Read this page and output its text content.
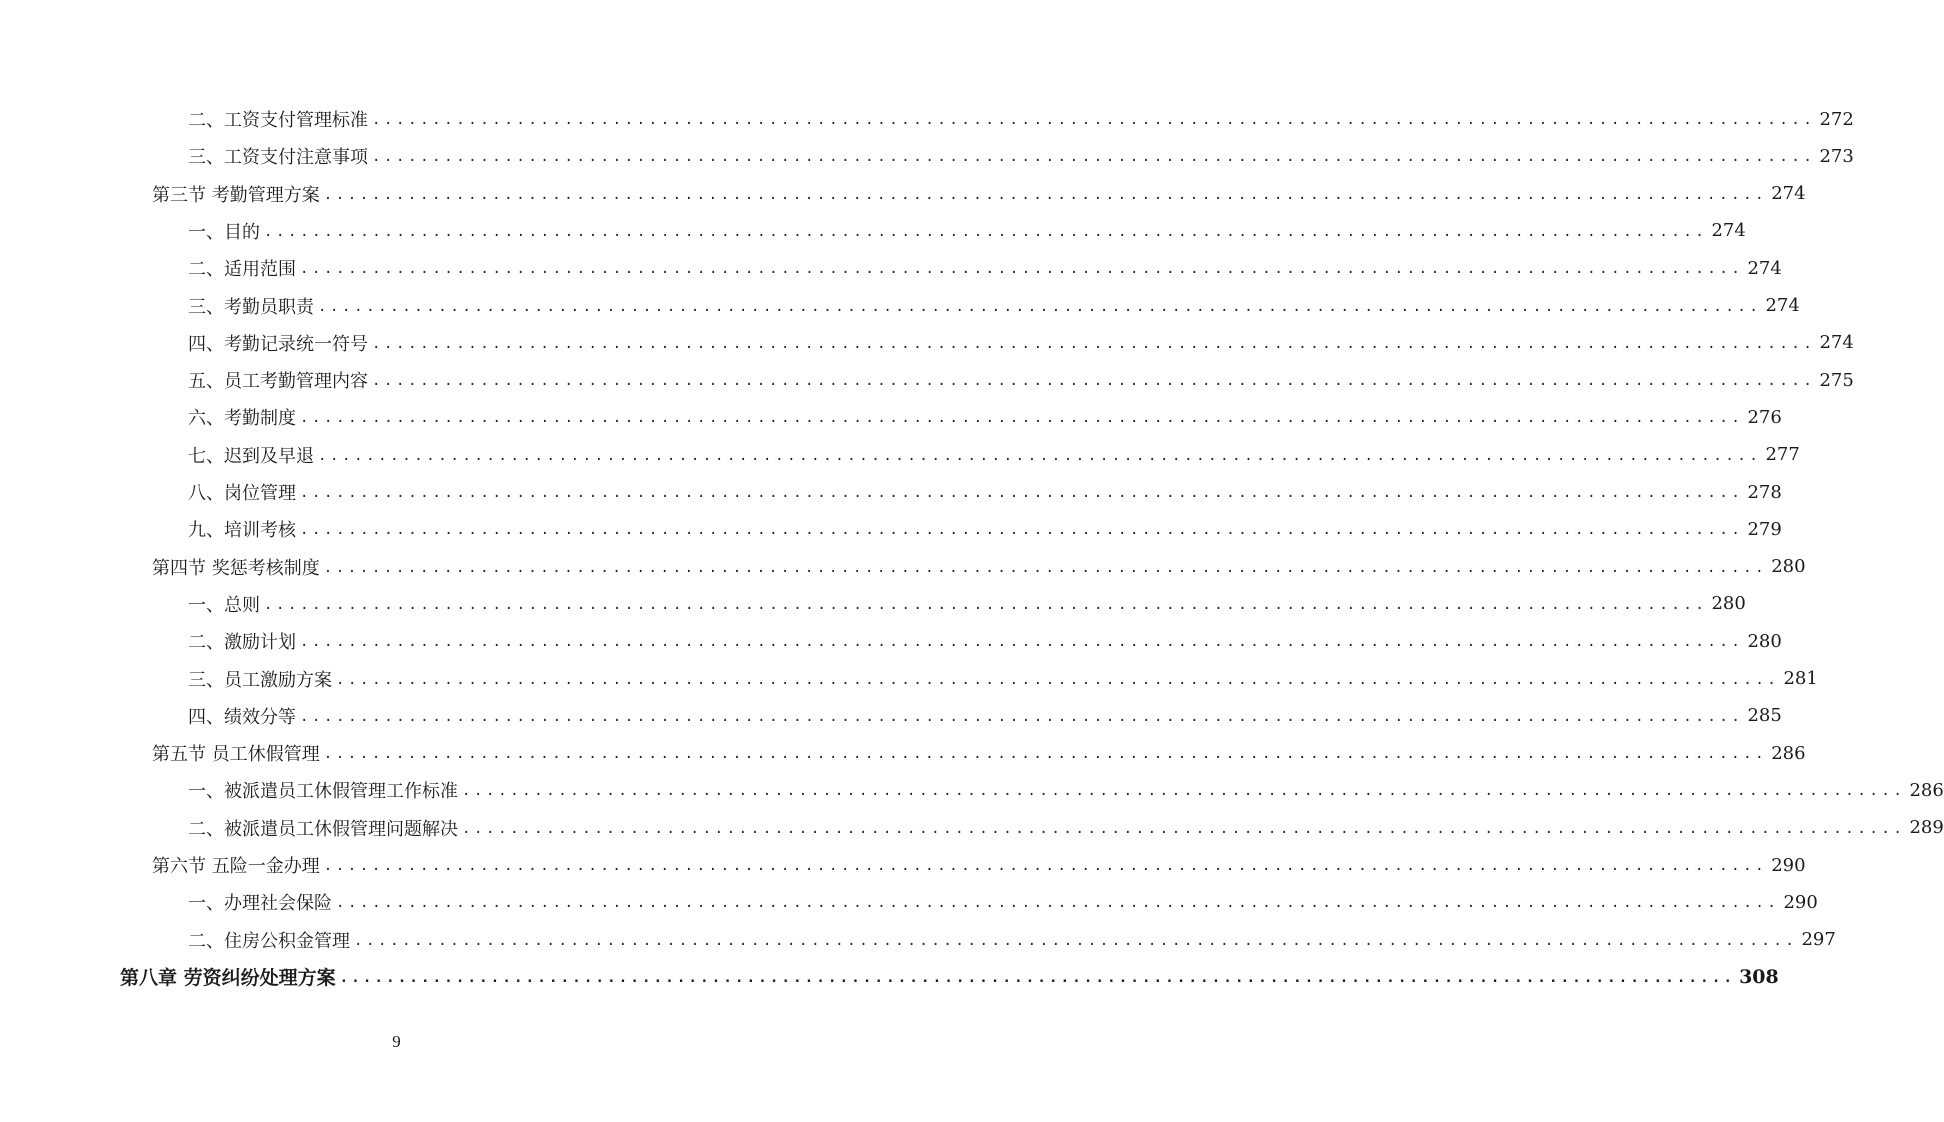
二、工资支付管理标准 ........................................................................................................................ 272
三、工资支付注意事项 ........................................................................................................................ 273
第三节 考勤管理方案 ........................................................................................................................ 274
一、目的 ........................................................................................................................ 274
二、适用范围 ........................................................................................................................ 274
三、考勤员职责 ........................................................................................................................ 274
四、考勤记录统一符号 ........................................................................................................................ 274
五、员工考勤管理内容 ........................................................................................................................ 275
六、考勤制度 ........................................................................................................................ 276
七、迟到及早退 ........................................................................................................................ 277
八、岗位管理 ........................................................................................................................ 278
九、培训考核 ........................................................................................................................ 279
第四节 奖惩考核制度 ........................................................................................................................ 280
一、总则 ........................................................................................................................ 280
二、激励计划 ........................................................................................................................ 280
三、员工激励方案 ........................................................................................................................ 281
四、绩效分等 ........................................................................................................................ 285
第五节 员工休假管理 ........................................................................................................................ 286
一、被派遣员工休假管理工作标准 ........................................................................................................................ 286
二、被派遣员工休假管理问题解决 ........................................................................................................................ 289
第六节 五险一金办理 ........................................................................................................................ 290
一、办理社会保险 ........................................................................................................................ 290
二、住房公积金管理 ........................................................................................................................ 297
第八章 劳资纠纷处理方案 ........................................................................................................................ 308
9
